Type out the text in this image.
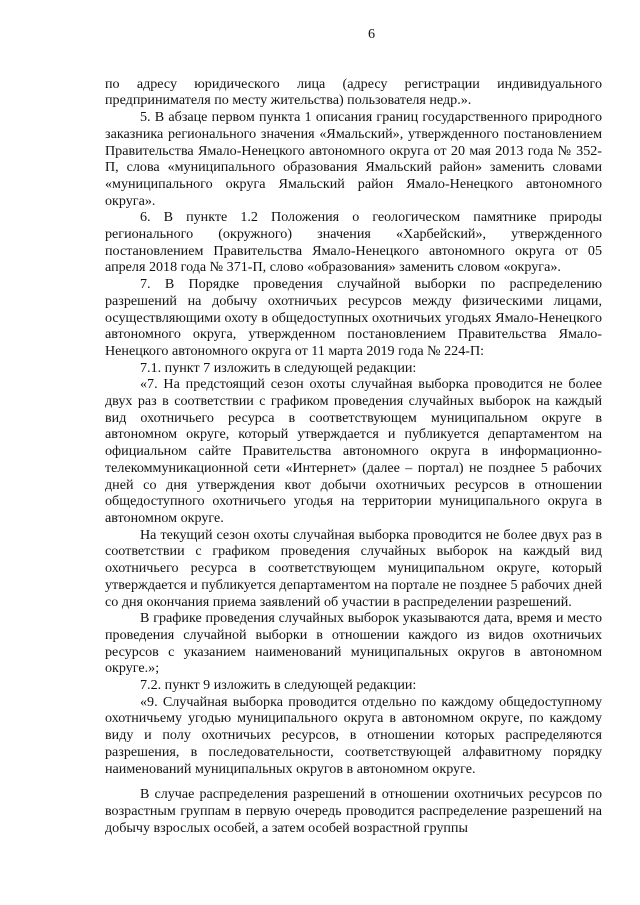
6

по адресу юридического лица (адресу регистрации индивидуального предпринимателя по месту жительства) пользователя недр.».

5. В абзаце первом пункта 1 описания границ государственного природного заказника регионального значения «Ямальский», утвержденного постановлением Правительства Ямало-Ненецкого автономного округа от 20 мая 2013 года № 352-П, слова «муниципального образования Ямальский район» заменить словами «муниципального округа Ямальский район Ямало-Ненецкого автономного округа».

6. В пункте 1.2 Положения о геологическом памятнике природы регионального (окружного) значения «Харбейский», утвержденного постановлением Правительства Ямало-Ненецкого автономного округа от 05 апреля 2018 года № 371-П, слово «образования» заменить словом «округа».

7. В Порядке проведения случайной выборки по распределению разрешений на добычу охотничьих ресурсов между физическими лицами, осуществляющими охоту в общедоступных охотничьих угодьях Ямало-Ненецкого автономного округа, утвержденном постановлением Правительства Ямало-Ненецкого автономного округа от 11 марта 2019 года № 224-П:

7.1. пункт 7 изложить в следующей редакции:

«7. На предстоящий сезон охоты случайная выборка проводится не более двух раз в соответствии с графиком проведения случайных выборок на каждый вид охотничьего ресурса в соответствующем муниципальном округе в автономном округе, который утверждается и публикуется департаментом на официальном сайте Правительства автономного округа в информационно-телекоммуникационной сети «Интернет» (далее – портал) не позднее 5 рабочих дней со дня утверждения квот добычи охотничьих ресурсов в отношении общедоступного охотничьего угодья на территории муниципального округа в автономном округе.

На текущий сезон охоты случайная выборка проводится не более двух раз в соответствии с графиком проведения случайных выборок на каждый вид охотничьего ресурса в соответствующем муниципальном округе, который утверждается и публикуется департаментом на портале не позднее 5 рабочих дней со дня окончания приема заявлений об участии в распределении разрешений.

В графике проведения случайных выборок указываются дата, время и место проведения случайной выборки в отношении каждого из видов охотничьих ресурсов с указанием наименований муниципальных округов в автономном округе.»;

7.2. пункт 9 изложить в следующей редакции:

«9. Случайная выборка проводится отдельно по каждому общедоступному охотничьему угодью муниципального округа в автономном округе, по каждому виду и полу охотничьих ресурсов, в отношении которых распределяются разрешения, в последовательности, соответствующей алфавитному порядку наименований муниципальных округов в автономном округе.

В случае распределения разрешений в отношении охотничьих ресурсов по возрастным группам в первую очередь проводится распределение разрешений на добычу взрослых особей, а затем особей возрастной группы
